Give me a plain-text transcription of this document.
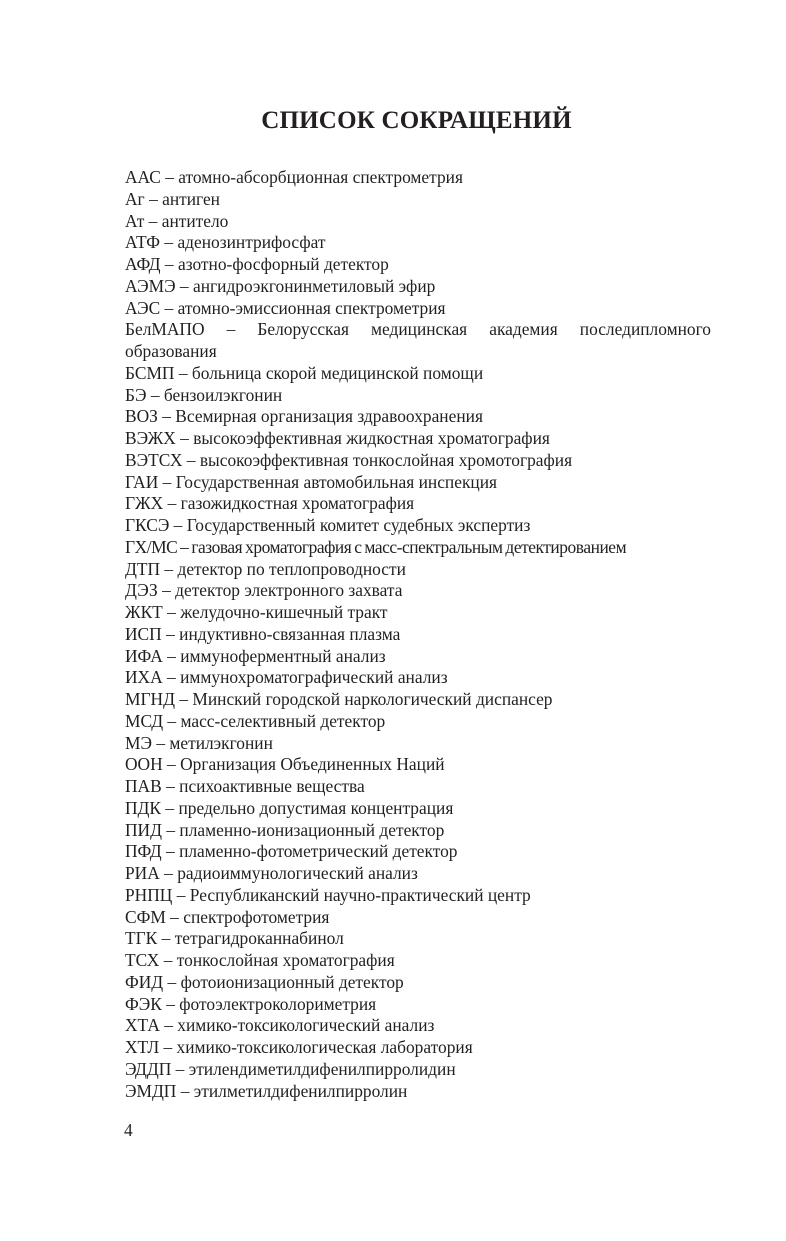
СПИСОК СОКРАЩЕНИЙ
ААС – атомно-абсорбционная спектрометрия
Аг – антиген
Ат – антитело
АТФ – аденозинтрифосфат
АФД – азотно-фосфорный детектор
АЭМЭ – ангидроэкгонинметиловый эфир
АЭС – атомно-эмиссионная спектрометрия
БелМАПО – Белорусская медицинская академия последипломного образования
БСМП – больница скорой медицинской помощи
БЭ – бензоилэкгонин
ВОЗ – Всемирная организация здравоохранения
ВЭЖХ – высокоэффективная жидкостная хроматография
ВЭТСХ – высокоэффективная тонкослойная хромотография
ГАИ – Государственная автомобильная инспекция
ГЖХ – газожидкостная хроматография
ГКСЭ – Государственный комитет судебных экспертиз
ГХ/МС – газовая хроматография с масс-спектральным детектированием
ДТП – детектор по теплопроводности
ДЭЗ – детектор электронного захвата
ЖКТ – желудочно-кишечный тракт
ИСП – индуктивно-связанная плазма
ИФА – иммуноферментный анализ
ИХА – иммунохроматографический анализ
МГНД – Минский городской наркологический диспансер
МСД – масс-селективный детектор
МЭ – метилэкгонин
ООН – Организация Объединенных Наций
ПАВ – психоактивные вещества
ПДК – предельно допустимая концентрация
ПИД – пламенно-ионизационный детектор
ПФД – пламенно-фотометрический детектор
РИА – радиоиммунологический анализ
РНПЦ – Республиканский научно-практический центр
СФМ – спектрофотометрия
ТГК – тетрагидроканнабинол
ТСХ – тонкослойная хроматография
ФИД – фотоионизационный детектор
ФЭК – фотоэлектроколориметрия
ХТА – химико-токсикологический анализ
ХТЛ – химико-токсикологическая лаборатория
ЭДДП – этилендиметилдифенилпирролидин
ЭМДП – этилметилдифенилпирролин
4
